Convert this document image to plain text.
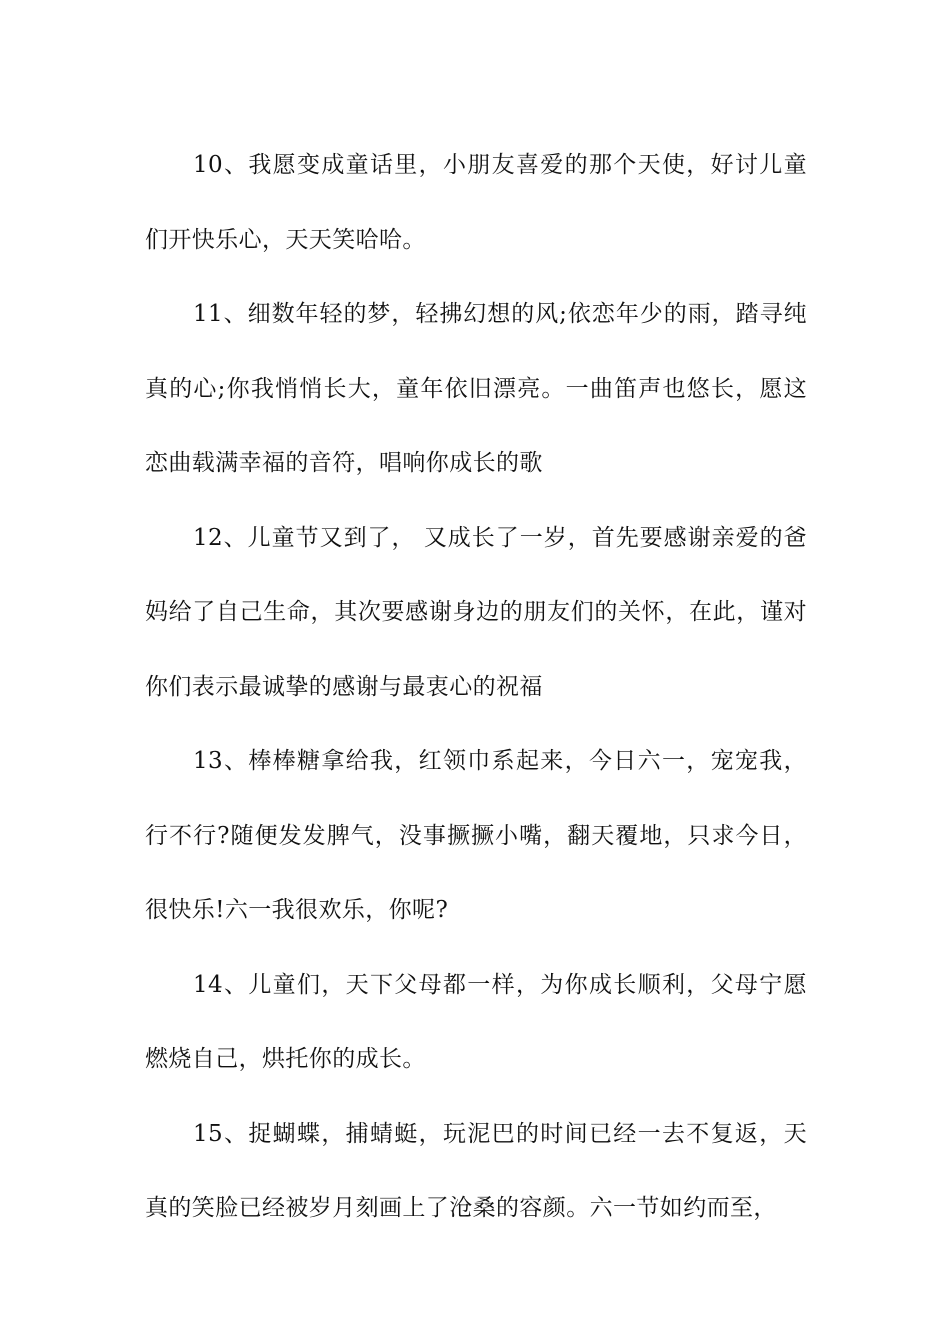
10、我愿变成童话里，小朋友喜爱的那个天使，好讨儿童们开快乐心，天天笑哈哈。

11、细数年轻的梦，轻拂幻想的风;依恋年少的雨，踏寻纯真的心;你我悄悄长大，童年依旧漂亮。一曲笛声也悠长，愿这恋曲载满幸福的音符，唱响你成长的歌

12、儿童节又到了， 又成长了一岁，首先要感谢亲爱的爸妈给了自己生命，其次要感谢身边的朋友们的关怀，在此，谨对你们表示最诚挚的感谢与最衷心的祝福

13、棒棒糖拿给我，红领巾系起来，今日六一，宠宠我，行不行?随便发发脾气，没事撅撅小嘴，翻天覆地，只求今日，很快乐!六一我很欢乐，你呢?

14、儿童们，天下父母都一样，为你成长顺利，父母宁愿燃烧自己，烘托你的成长。

15、捉蝴蝶，捕蜻蜓，玩泥巴的时间已经一去不复返，天真的笑脸已经被岁月刻画上了沧桑的容颜。六一节如约而至，
